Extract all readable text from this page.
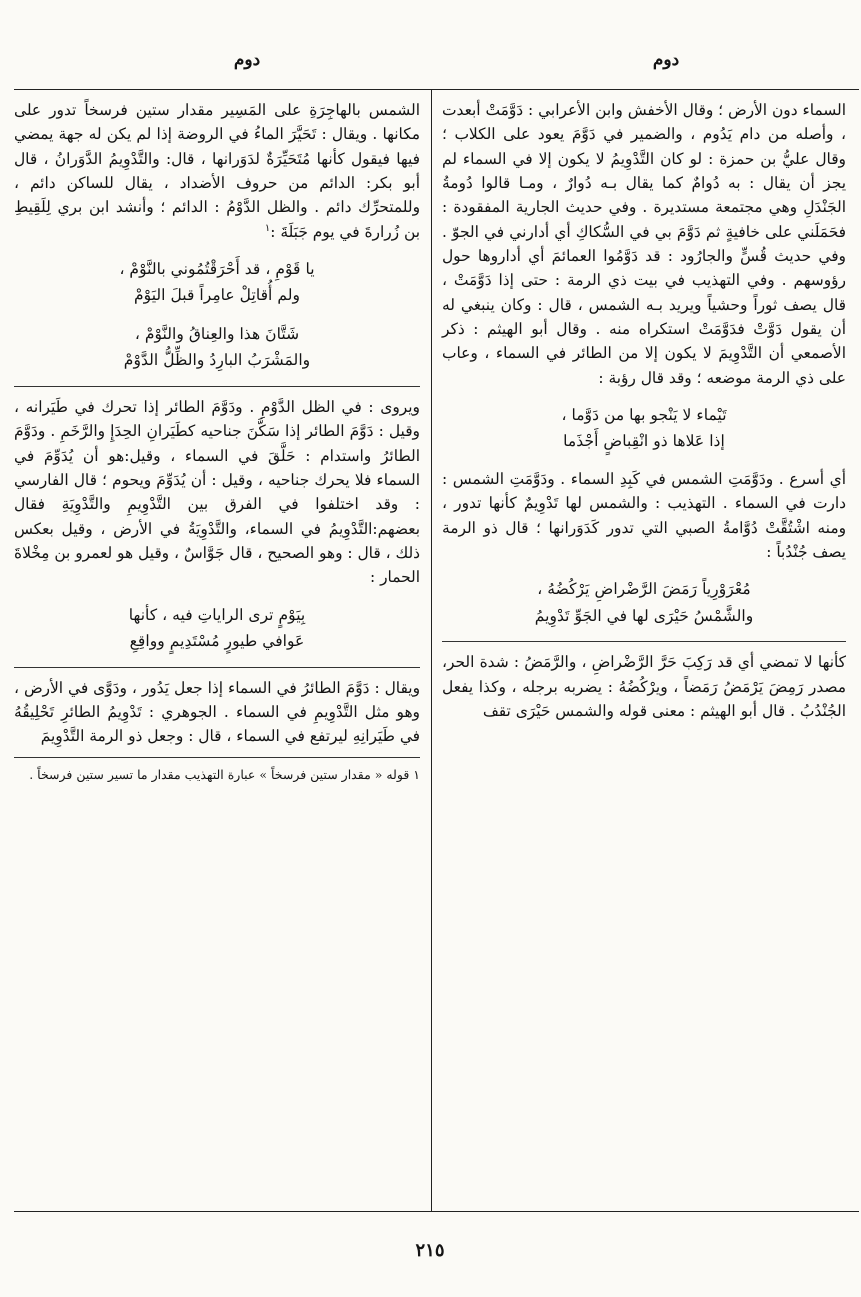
دوم
دوم

السماء دون الأرض ؛ وقال الأخفش وابن الأعرابي : دَوَّمَتْ أبعدت ، وأصله من دام يَدُوم ، والضمير في دَوَّمَ يعود على الكلاب ؛ وقال عليُّ بن حمزة : لو كان التَّدْوِيمُ لا يكون إلا في السماء لم يجز أن يقال : به دُوامٌ كما يقال بـه دُوارٌ ، ومـا قالوا دُومةُ الجَنْدَلِ وهي مجتمعة مستديرة . وفي حديث الجارية المفقودة : فحَمَلَني على خافيةٍ ثم دَوَّمَ بي في السُّكاكِ أي أدارني في الجوّ . وفي حديث قُسٍّ والجارُود : قد دَوَّمُوا العمائمَ أي أداروها حول رؤوسهم . وفي التهذيب في بيت ذي الرمة : حتى إذا دَوَّمَتْ ، قال يصف ثوراً وحشياً ويريد بـه الشمس ، قال : وكان ينبغي له أن يقول دَوَّتْ فدَوَّمَتْ استكراه منه . وقال أبو الهيثم : ذكر الأصمعي أن التَّدْوِيمَ لا يكون إلا من الطائر في السماء ، وعاب على ذي الرمة موضعه ؛ وقد قال رؤبة :

تَيْماء لا يَنْجو بها من دَوَّما ،
إذا عَلاها ذو انْقِباضٍ أَجْذَما

أي أسرع . ودَوَّمَتِ الشمس في كَبِدِ السماء . ودَوَّمَتِ الشمس : دارت في السماء . التهذيب : والشمس لها تَدْوِيمٌ كأنها تدور ، ومنه اشْتُقَّتْ دُوَّامةُ الصبي التي تدور كَدَوَرانها ؛ قال ذو الرمة يصف جُنْدُباً :

مُعْرَوْرِياً رَمَضَ الرَّضْراضِ يَرْكُضُهُ ،
والشَّمْسُ حَيْرَى لها في الجَوِّ تَدْوِيمُ

كأنها لا تمضي أي قد رَكِبَ حَرَّ الرَّضْراضِ ، والرَّمَضُ : شدة الحر، مصدر رَمِضَ يَرْمَضُ رَمَضاً ، ويرْكُضُهُ : يضربه برجله ، وكذا يفعل الجُنْدُبُ . قال أبو الهيثم : معنى قوله والشمس حَيْرَى تقف

الشمس بالهاجِرَةِ على المَسِير مقدار ستين فرسخاً تدور على مكانها . ويقال : تَحَيَّرَ الماءُ في الروضة إذا لم يكن له جهة يمضي فيها فيقول كأنها مُتَحَيِّرَةٌ لدَوَرانها ، قال: والتَّدْوِيمُ الدَّوَرانُ ، قال أبو بكر: الدائم من حروف الأضداد ، يقال للساكن دائم ، وللمتحرِّك دائم . والظل الدَّوْمُ : الدائم ؛ وأنشد ابن بري لِلَقِيطِ بن زُرارةَ في يوم جَبَلَةَ :$^١$

يا قَوْمِ ، قد أَحْرَقْتُمُوني بالنَّوْمْ ،
ولم أُقاتِلْ عامِراً قبلَ اليَوْمْ
شَتَّانَ هذا والعِناقُ والنَّوْمْ ،
والمَشْرَبُ البارِدُ والظِّلُّ الدَّوْمْ

ويروى : في الظل الدَّوْمِ . ودَوَّمَ الطائر إذا تحرك في طَيَرانه ، وقيل : دَوَّمَ الطائر إذا سَكَّنَ جناحيه كطَيَرانِ الحِدَإِ والرَّخَمِ . ودَوَّمَ الطائرُ واستدام : حَلَّقَ في السماء ، وقيل:هو أن يُدَوِّمَ في السماء فلا يحرك جناحيه ، وقيل : أن يُدَوِّمَ ويحوم ؛ قال الفارسي : وقد اختلفوا في الفرق بين التَّدْوِيمِ والتَّدْوِيَةِ فقال بعضهم:التَّدْوِيمُ في السماء، والتَّدْوِيَةُ في الأرض ، وقيل بعكس ذلك ، قال : وهو الصحيح ، قال جَوَّاسٌ ، وقيل هو لعمرو بن مِخْلاةَ الحمار :

بِيَوْمٍ ترى الراياتِ فيه ، كأنها
عَوافي طيورٍ مُسْتَدِيمٍ وواقِعِ

ويقال : دَوَّمَ الطائرُ في السماء إذا جعل يَدُور ، ودَوَّى في الأرض ، وهو مثل التَّدْوِيمِ في السماء . الجوهري : تَدْوِيمُ الطائرِ تَحْلِيقُهُ في طَيَرانِهِ ليرتفع في السماء ، قال : وجعل ذو الرمة التَّدْوِيمَ

١ قوله « مقدار ستين فرسخاً » عبارة التهذيب مقدار ما تسير ستين فرسخاً .

٢١٥
